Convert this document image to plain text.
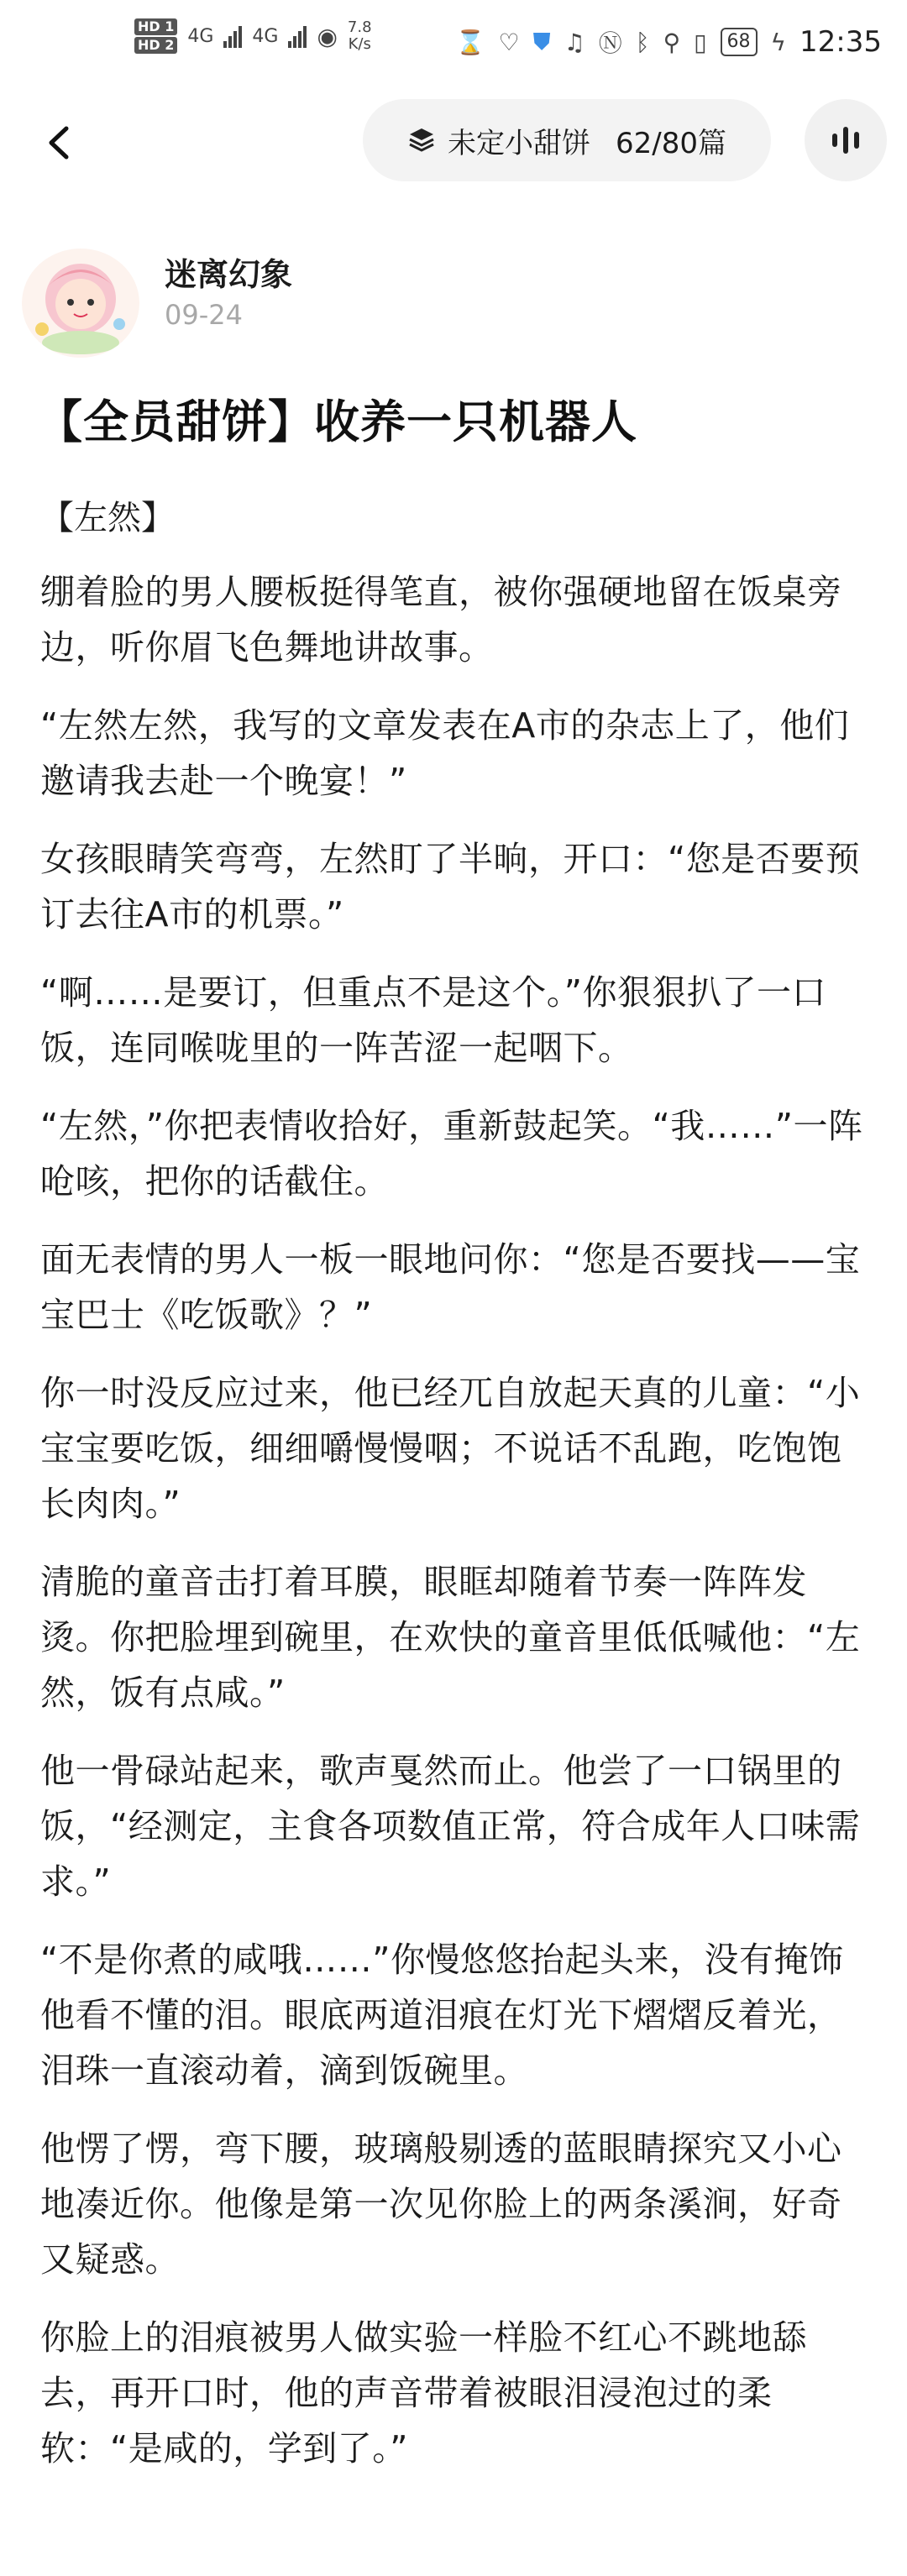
HD 1
HD 2 4G 4G ◉ 7.8
K/s	⌛ ♡ ⛊ ♫ Ⓝ ᛒ ⚲ ▯	68 ϟ 12:35
未定小甜饼 62/80篇
迷离幻象
09-24
【全员甜饼】收养一只机器人
【左然】

绷着脸的男人腰板挺得笔直，被你强硬地留在饭桌旁边，听你眉飞色舞地讲故事。

“左然左然，我写的文章发表在A市的杂志上了，他们邀请我去赴一个晚宴！”

女孩眼睛笑弯弯，左然盯了半晌，开口：“您是否要预订去往A市的机票。”

“啊……是要订，但重点不是这个。”你狠狠扒了一口饭，连同喉咙里的一阵苦涩一起咽下。

“左然，”你把表情收拾好，重新鼓起笑。“我……”一阵呛咳，把你的话截住。

面无表情的男人一板一眼地问你：“您是否要找——宝宝巴士《吃饭歌》？”

你一时没反应过来，他已经兀自放起天真的儿童：“小宝宝要吃饭，细细嚼慢慢咽；不说话不乱跑，吃饱饱长肉肉。”

清脆的童音击打着耳膜，眼眶却随着节奏一阵阵发烫。你把脸埋到碗里，在欢快的童音里低低喊他：“左然，饭有点咸。”

他一骨碌站起来，歌声戛然而止。他尝了一口锅里的饭，“经测定，主食各项数值正常，符合成年人口味需求。”

“不是你煮的咸哦……”你慢悠悠抬起头来，没有掩饰他看不懂的泪。眼底两道泪痕在灯光下熠熠反着光，泪珠一直滚动着，滴到饭碗里。

他愣了愣，弯下腰，玻璃般剔透的蓝眼睛探究又小心地凑近你。他像是第一次见你脸上的两条溪涧，好奇又疑惑。

你脸上的泪痕被男人做实验一样脸不红心不跳地舔去，再开口时，他的声音带着被眼泪浸泡过的柔软：“是咸的，学到了。”
